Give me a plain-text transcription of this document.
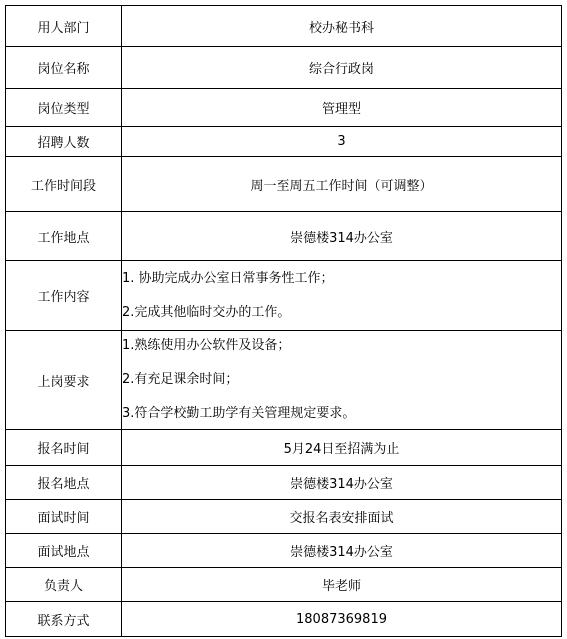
用人部门	校办秘书科
岗位名称	综合行政岗
岗位类型	管理型
招聘人数	3
工作时间段	周一至周五工作时间（可调整）
工作地点	崇德楼314办公室
工作内容	1. 协助完成办公室日常事务性工作；
2.完成其他临时交办的工作。

上岗要求	1.熟练使用办公软件及设备；
2.有充足课余时间；
3.符合学校勤工助学有关管理规定要求。

报名时间	5月24日至招满为止
报名地点	崇德楼314办公室
面试时间	交报名表安排面试
面试地点	崇德楼314办公室
负责人	毕老师
联系方式	18087369819
